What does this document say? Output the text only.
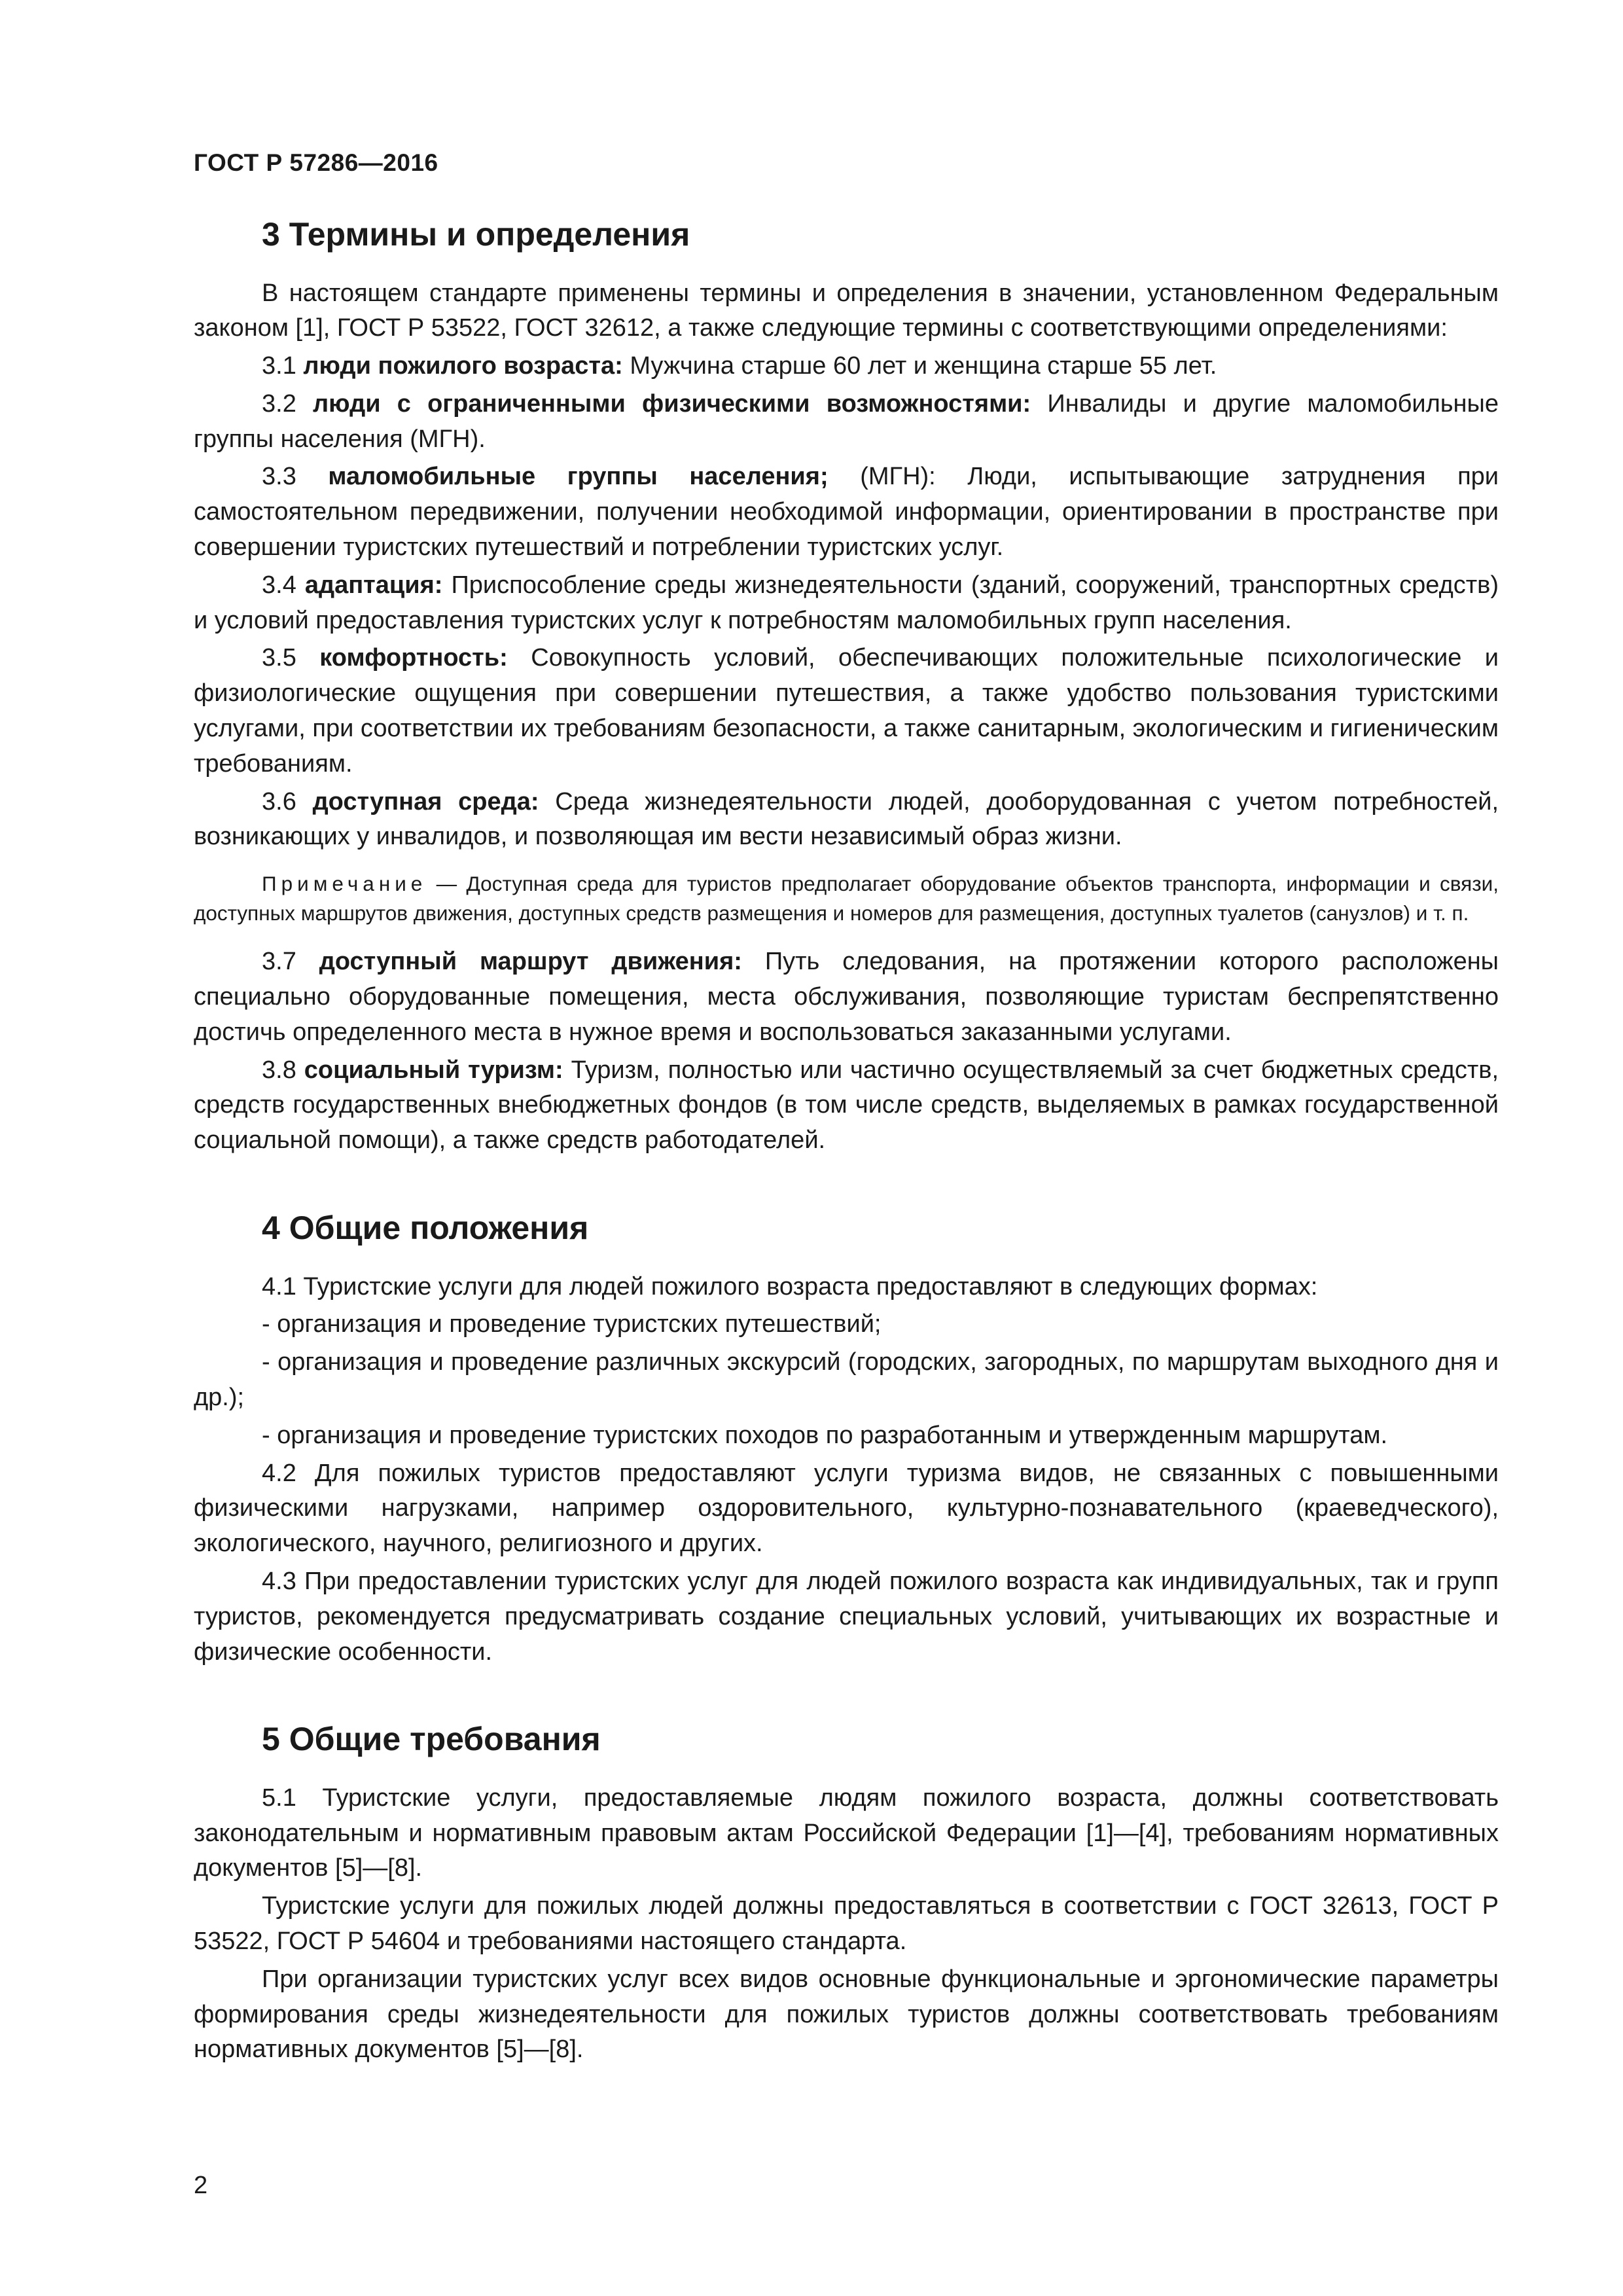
ГОСТ Р 57286—2016
3 Термины и определения

В настоящем стандарте применены термины и определения в значении, установленном Федеральным законом [1], ГОСТ Р 53522, ГОСТ 32612, а также следующие термины с соответствующими определениями:

3.1 люди пожилого возраста: Мужчина старше 60 лет и женщина старше 55 лет.

3.2 люди с ограниченными физическими возможностями: Инвалиды и другие маломобильные группы населения (МГН).

3.3 маломобильные группы населения; (МГН): Люди, испытывающие затруднения при самостоятельном передвижении, получении необходимой информации, ориентировании в пространстве при совершении туристских путешествий и потреблении туристских услуг.

3.4 адаптация: Приспособление среды жизнедеятельности (зданий, сооружений, транспортных средств) и условий предоставления туристских услуг к потребностям маломобильных групп населения.

3.5 комфортность: Совокупность условий, обеспечивающих положительные психологические и физиологические ощущения при совершении путешествия, а также удобство пользования туристскими услугами, при соответствии их требованиям безопасности, а также санитарным, экологическим и гигиеническим требованиям.

3.6 доступная среда: Среда жизнедеятельности людей, дооборудованная с учетом потребностей, возникающих у инвалидов, и позволяющая им вести независимый образ жизни.

Примечание — Доступная среда для туристов предполагает оборудование объектов транспорта, информации и связи, доступных маршрутов движения, доступных средств размещения и номеров для размещения, доступных туалетов (санузлов) и т. п.

3.7 доступный маршрут движения: Путь следования, на протяжении которого расположены специально оборудованные помещения, места обслуживания, позволяющие туристам беспрепятственно достичь определенного места в нужное время и воспользоваться заказанными услугами.

3.8 социальный туризм: Туризм, полностью или частично осуществляемый за счет бюджетных средств, средств государственных внебюджетных фондов (в том числе средств, выделяемых в рамках государственной социальной помощи), а также средств работодателей.

4 Общие положения

4.1 Туристские услуги для людей пожилого возраста предоставляют в следующих формах:

- организация и проведение туристских путешествий;

- организация и проведение различных экскурсий (городских, загородных, по маршрутам выходного дня и др.);

- организация и проведение туристских походов по разработанным и утвержденным маршрутам.

4.2 Для пожилых туристов предоставляют услуги туризма видов, не связанных с повышенными физическими нагрузками, например оздоровительного, культурно-познавательного (краеведческого), экологического, научного, религиозного и других.

4.3 При предоставлении туристских услуг для людей пожилого возраста как индивидуальных, так и групп туристов, рекомендуется предусматривать создание специальных условий, учитывающих их возрастные и физические особенности.

5 Общие требования

5.1 Туристские услуги, предоставляемые людям пожилого возраста, должны соответствовать законодательным и нормативным правовым актам Российской Федерации [1]—[4], требованиям нормативных документов [5]—[8].

Туристские услуги для пожилых людей должны предоставляться в соответствии с ГОСТ 32613, ГОСТ Р 53522, ГОСТ Р 54604 и требованиями настоящего стандарта.

При организации туристских услуг всех видов основные функциональные и эргономические параметры формирования среды жизнедеятельности для пожилых туристов должны соответствовать требованиям нормативных документов [5]—[8].

2
